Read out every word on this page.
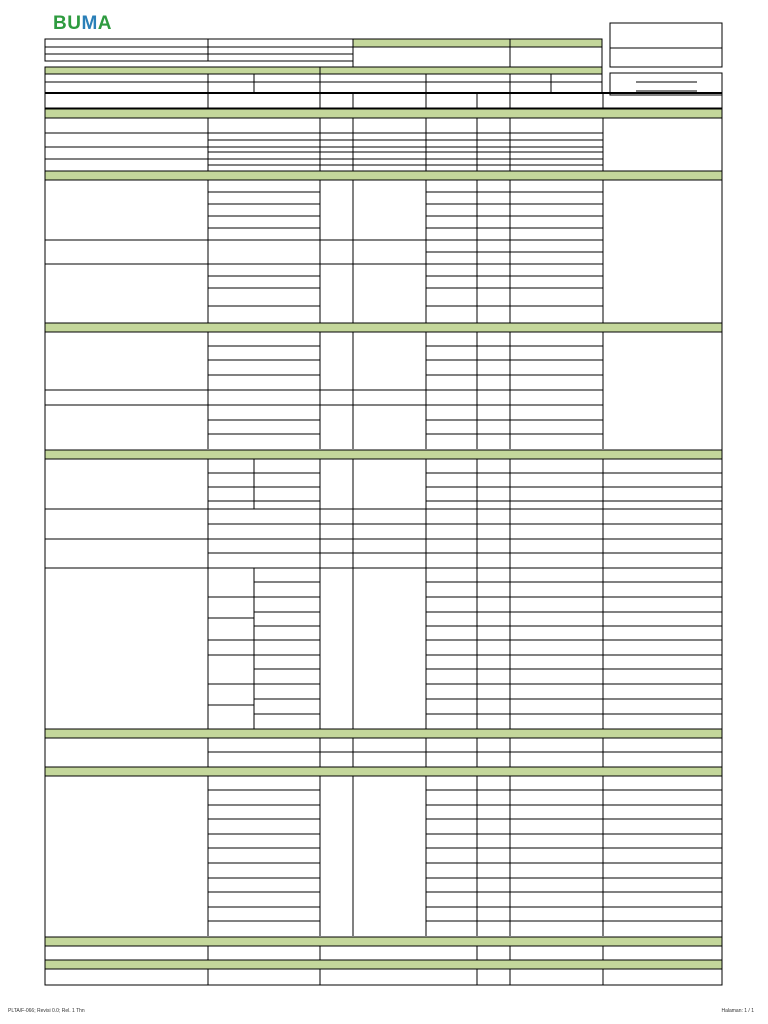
BUMA
PLTA/F-066; Revisi 0.0; Rel. 1 Thn	Halaman: 1 / 1
